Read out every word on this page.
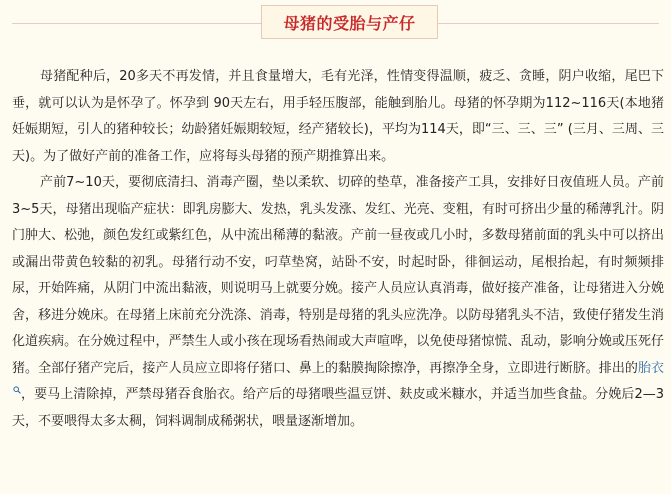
母猪的受胎与产仔

母猪配种后，20多天不再发情，并且食量增大，毛有光泽，性情变得温顺，疲乏、贪睡，阴户收缩，尾巴下垂，就可以认为是怀孕了。怀孕到 90天左右，用手轻压腹部，能触到胎儿。母猪的怀孕期为112~116天(本地猪妊娠期短，引人的猪种较长；幼龄猪妊娠期较短，经产猪较长)，平均为114天，即“三、三、三” (三月、三周、三天)。为了做好产前的准备工作，应将每头母猪的预产期推算出来。

产前7~10天，要彻底清扫、消毒产圈，垫以柔软、切碎的垫草，准备接产工具，安排好日夜值班人员。产前3~5天，母猪出现临产症状：即乳房膨大、发热，乳头发涨、发红、光亮、变粗，有时可挤出少量的稀薄乳汁。阴门肿大、松弛，颜色发红或紫红色，从中流出稀薄的黏液。产前一昼夜或几小时，多数母猪前面的乳头中可以挤出或漏出带黄色较黏的初乳。母猪行动不安，叼草垫窝，站卧不安，时起时卧，徘徊运动，尾根抬起，有时频频排尿，开始阵痛，从阴门中流出黏液，则说明马上就要分娩。接产人员应认真消毒，做好接产准备，让母猪进入分娩舍，移进分娩床。在母猪上床前充分洗涤、消毒，特别是母猪的乳头应洗净。以防母猪乳头不洁，致使仔猪发生消化道疾病。在分娩过程中，严禁生人或小孩在现场看热闹或大声喧哗，以免使母猪惊慌、乱动，影响分娩或压死仔猪。全部仔猪产完后，接产人员应立即将仔猪口、鼻上的黏膜掏除擦净，再擦净全身，立即进行断脐。排出的胎衣
，要马上清除掉，严禁母猪吞食胎衣。给产后的母猪喂些温豆饼、麸皮或米糠水，并适当加些食盐。分娩后2—3天，不要喂得太多太稠，饲料调制成稀粥状，喂量逐渐增加。
